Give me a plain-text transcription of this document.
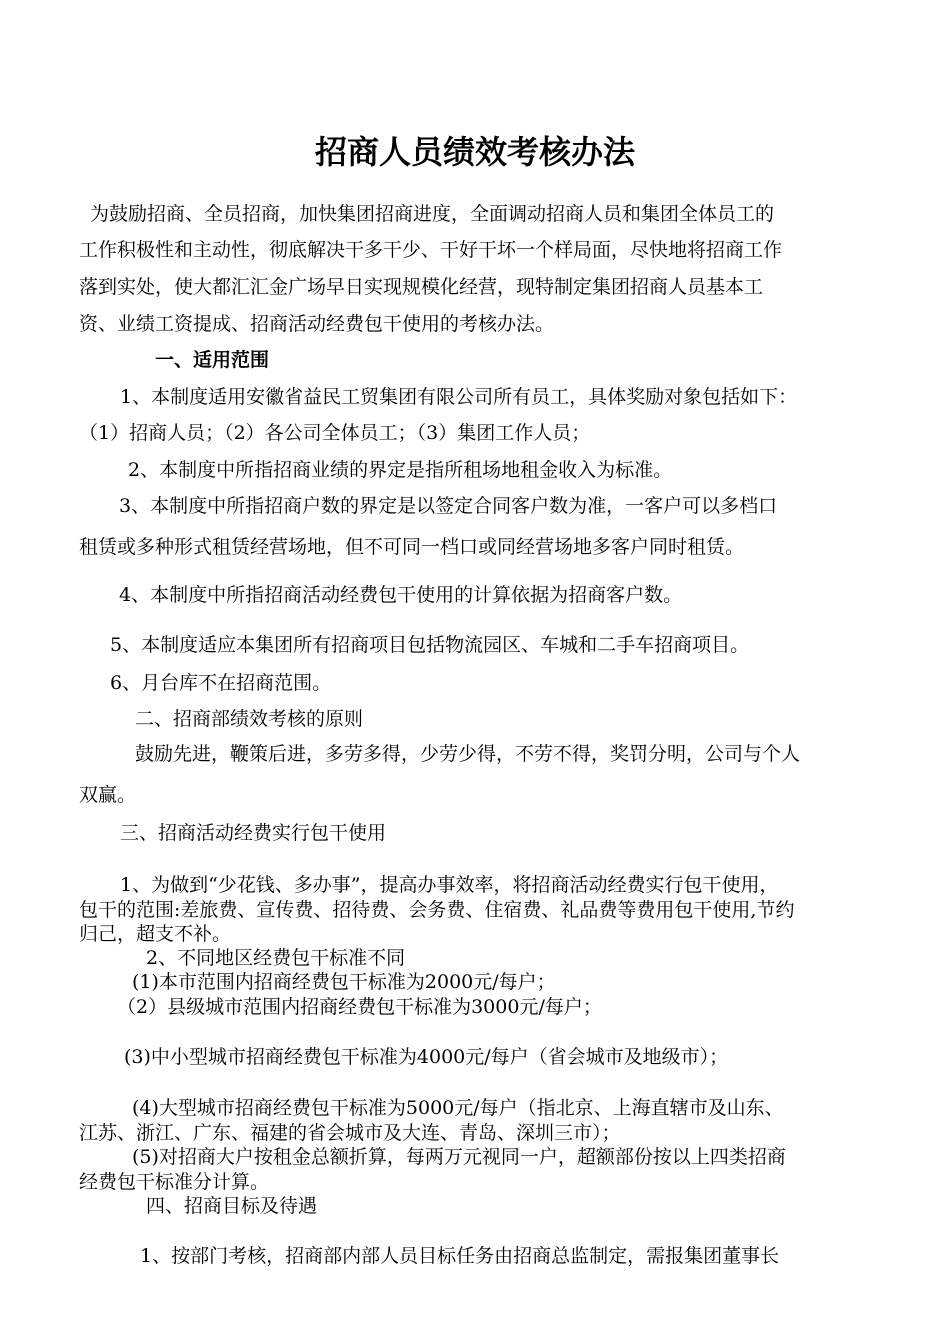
招商人员绩效考核办法
为鼓励招商、全员招商，加快集团招商进度，全面调动招商人员和集团全体员工的
工作积极性和主动性，彻底解决干多干少、干好干坏一个样局面，尽快地将招商工作
落到实处，使大都汇汇金广场早日实现规模化经营，现特制定集团招商人员基本工
资、业绩工资提成、招商活动经费包干使用的考核办法。
一、适用范围
1、本制度适用安徽省益民工贸集团有限公司所有员工，具体奖励对象包括如下：
（1）招商人员；（2）各公司全体员工；（3）集团工作人员；
2、本制度中所指招商业绩的界定是指所租场地租金收入为标准。
3、本制度中所指招商户数的界定是以签定合同客户数为准，一客户可以多档口
租赁或多种形式租赁经营场地，但不可同一档口或同经营场地多客户同时租赁。
4、本制度中所指招商活动经费包干使用的计算依据为招商客户数。
5、本制度适应本集团所有招商项目包括物流园区、车城和二手车招商项目。
6、月台库不在招商范围。
二、招商部绩效考核的原则
鼓励先进，鞭策后进，多劳多得，少劳少得，不劳不得，奖罚分明，公司与个人
双赢。
三、招商活动经费实行包干使用
1、为做到“少花钱、多办事”，提高办事效率，将招商活动经费实行包干使用，
包干的范围:差旅费、宣传费、招待费、会务费、住宿费、礼品费等费用包干使用,节约
归己，超支不补。
2、不同地区经费包干标准不同
(1)本市范围内招商经费包干标准为2000元/每户；
（2）县级城市范围内招商经费包干标准为3000元/每户；
(3)中小型城市招商经费包干标准为4000元/每户（省会城市及地级市）；
(4)大型城市招商经费包干标准为5000元/每户（指北京、上海直辖市及山东、
江苏、浙江、广东、福建的省会城市及大连、青岛、深圳三市）；
(5)对招商大户按租金总额折算，每两万元视同一户，超额部份按以上四类招商
经费包干标准分计算。
四、招商目标及待遇
1、按部门考核，招商部内部人员目标任务由招商总监制定，需报集团董事长
